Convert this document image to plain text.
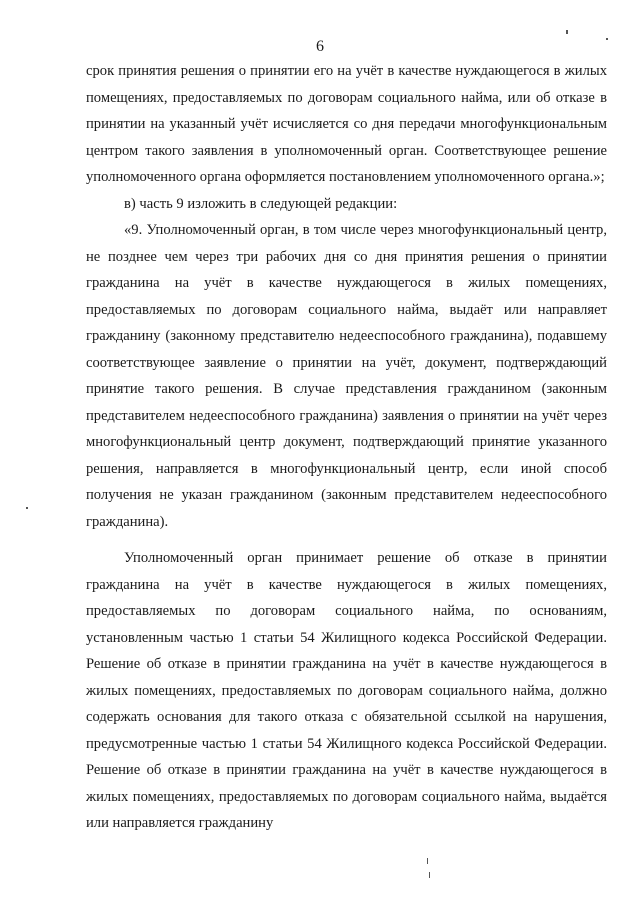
6

срок принятия решения о принятии его на учёт в качестве нуждающегося в жилых помещениях, предоставляемых по договорам социального найма, или об отказе в принятии на указанный учёт исчисляется со дня передачи многофункциональным центром такого заявления в уполномоченный орган. Соответствующее решение уполномоченного органа оформляется постановлением уполномоченного органа.»;

в) часть 9 изложить в следующей редакции:

«9. Уполномоченный орган, в том числе через многофункциональный центр, не позднее чем через три рабочих дня со дня принятия решения о принятии гражданина на учёт в качестве нуждающегося в жилых помещениях, предоставляемых по договорам социального найма, выдаёт или направляет гражданину (законному представителю недееспособного гражданина), подавшему соответствующее заявление о принятии на учёт, документ, подтверждающий принятие такого решения. В случае представления гражданином (законным представителем недееспособного гражданина) заявления о принятии на учёт через многофункциональный центр документ, подтверждающий принятие указанного решения, направляется в многофункциональный центр, если иной способ получения не указан гражданином (законным представителем недееспособного гражданина).

Уполномоченный орган принимает решение об отказе в принятии гражданина на учёт в качестве нуждающегося в жилых помещениях, предоставляемых по договорам социального найма, по основаниям, установленным частью 1 статьи 54 Жилищного кодекса Российской Федерации. Решение об отказе в принятии гражданина на учёт в качестве нуждающегося в жилых помещениях, предоставляемых по договорам социального найма, должно содержать основания для такого отказа с обязательной ссылкой на нарушения, предусмотренные частью 1 статьи 54 Жилищного кодекса Российской Федерации. Решение об отказе в принятии гражданина на учёт в качестве нуждающегося в жилых помещениях, предоставляемых по договорам социального найма, выдаётся или направляется гражданину
